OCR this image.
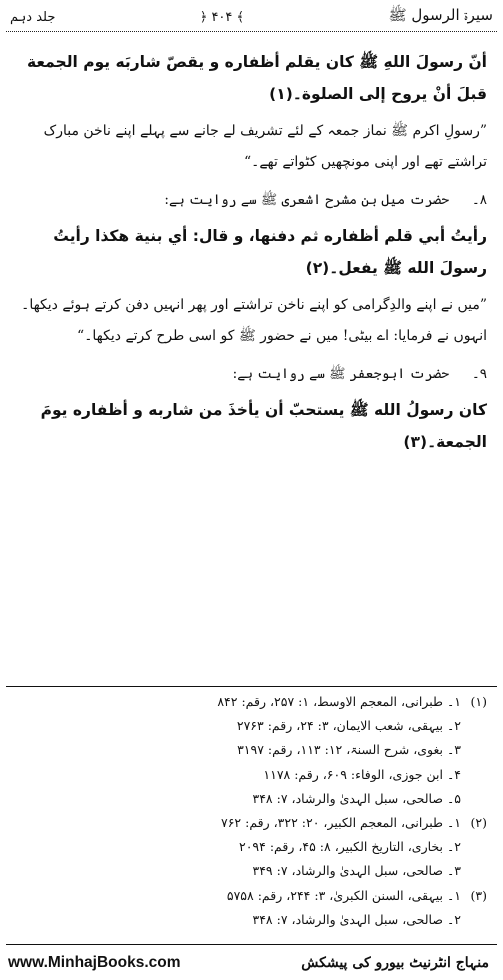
جلد دہم	﴿ ۴۰۴ ﴾	سیرۃ الرسول ﷺ
أنّ رسولَ اللهِ ﷺ كان يقلم أظفاره و يقصّ شاربَه يوم الجمعة قبلَ أنْ يروح إلى الصلوة۔(۱)
”رسولِ اکرم ﷺ نماز جمعہ کے لئے تشریف لے جانے سے پہلے اپنے ناخن مبارک تراشتے تھے اور اپنی مونچھیں کٹواتے تھے۔“
۸۔
حضرت میل بن مشرح اشعری ﷺ سے روایت ہے:
رأيتُ أبي قلم أظفاره ثم دفنها، و قال: أي بنية هكذا رأيتُ رسولَ الله ﷺ يفعل۔(۲)
”میں نے اپنے والدِگرامی کو اپنے ناخن تراشتے اور پھر انہیں دفن کرتے ہوئے دیکھا۔ انہوں نے فرمایا: اے بیٹی! میں نے حضور ﷺ کو اسی طرح کرتے دیکھا۔“
۹۔
حضرت ابوجعفر ﷺ سے روایت ہے:
كان رسولُ الله ﷺ يستحبّ أن يأخذَ من شاربه و أظفاره يومَ الجمعة۔(۳)
(۱)
۱۔ طبرانی، المعجم الاوسط، ۱: ۲۵۷، رقم: ۸۴۲
۲۔ بیہقی، شعب الایمان، ۳: ۲۴، رقم: ۲۷۶۳
۳۔ بغوی، شرح السنۃ، ۱۲: ۱۱۳، رقم: ۳۱۹۷
۴۔ ابن جوزی، الوفاء: ۶۰۹، رقم: ۱۱۷۸
۵۔ صالحی، سبل الہدیٰ والرشاد، ۷: ۳۴۸
(۲)
۱۔ طبرانی، المعجم الکبیر، ۲۰: ۳۲۲، رقم: ۷۶۲
۲۔ بخاری، التاریخ الکبیر، ۸: ۴۵، رقم: ۲۰۹۴
۳۔ صالحی، سبل الہدیٰ والرشاد، ۷: ۳۴۹
(۳)
۱۔ بیہقی، السنن الکبریٰ، ۳: ۲۴۴، رقم: ۵۷۵۸
۲۔ صالحی، سبل الہدیٰ والرشاد، ۷: ۳۴۸
www.MinhajBooks.com	منہاج انٹرنیٹ بیورو کی پیشکش
